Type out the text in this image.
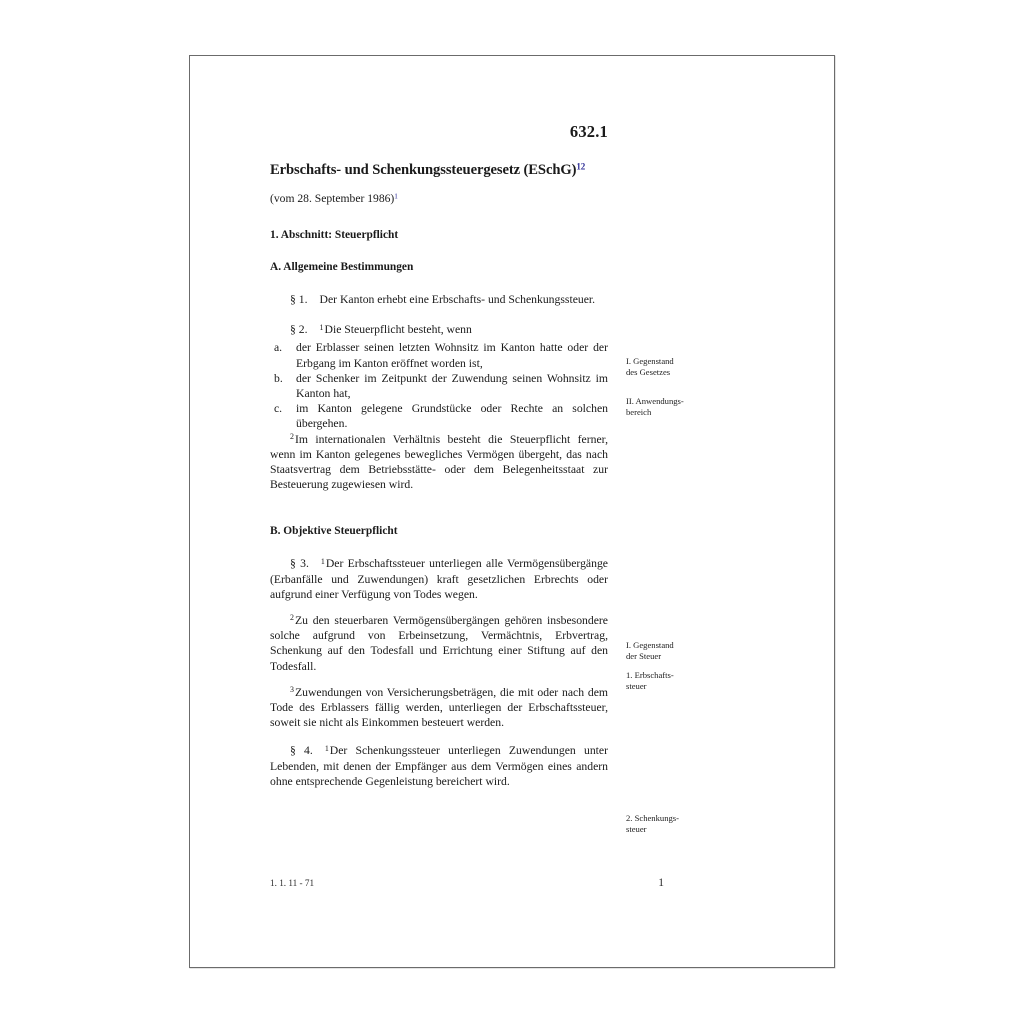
632.1
Erbschafts- und Schenkungssteuergesetz (ESchG)$^{12}$
(vom 28. September 1986)$^1$
1. Abschnitt: Steuerpflicht
A. Allgemeine Bestimmungen

§ 1. Der Kanton erhebt eine Erbschafts- und Schenkungssteuer.

§ 2. $^1$Die Steuerpflicht besteht, wenn

a.	der Erblasser seinen letzten Wohnsitz im Kanton hatte oder der Erbgang im Kanton eröffnet worden ist,
b.	der Schenker im Zeitpunkt der Zuwendung seinen Wohnsitz im Kanton hat,
c.	im Kanton gelegene Grundstücke oder Rechte an solchen übergehen.

$^2$Im internationalen Verhältnis besteht die Steuerpflicht ferner, wenn im Kanton gelegenes bewegliches Vermögen übergeht, das nach Staatsvertrag dem Betriebsstätte- oder dem Belegenheitsstaat zur Besteuerung zugewiesen wird.

B. Objektive Steuerpflicht

§ 3. $^1$Der Erbschaftssteuer unterliegen alle Vermögensübergänge (Erbanfälle und Zuwendungen) kraft gesetzlichen Erbrechts oder aufgrund einer Verfügung von Todes wegen.

$^2$Zu den steuerbaren Vermögensübergängen gehören insbesondere solche aufgrund von Erbeinsetzung, Vermächtnis, Erbvertrag, Schenkung auf den Todesfall und Errichtung einer Stiftung auf den Todesfall.

$^3$Zuwendungen von Versicherungsbeträgen, die mit oder nach dem Tode des Erblassers fällig werden, unterliegen der Erbschaftssteuer, soweit sie nicht als Einkommen besteuert werden.

§ 4. $^1$Der Schenkungssteuer unterliegen Zuwendungen unter Lebenden, mit denen der Empfänger aus dem Vermögen eines andern ohne entsprechende Gegenleistung bereichert wird.

I. Gegenstand
des Gesetzes
II. Anwendungs-
bereich
I. Gegenstand
der Steuer
1. Erbschafts-
steuer
2. Schenkungs-
steuer
1. 1. 11 - 71	1
